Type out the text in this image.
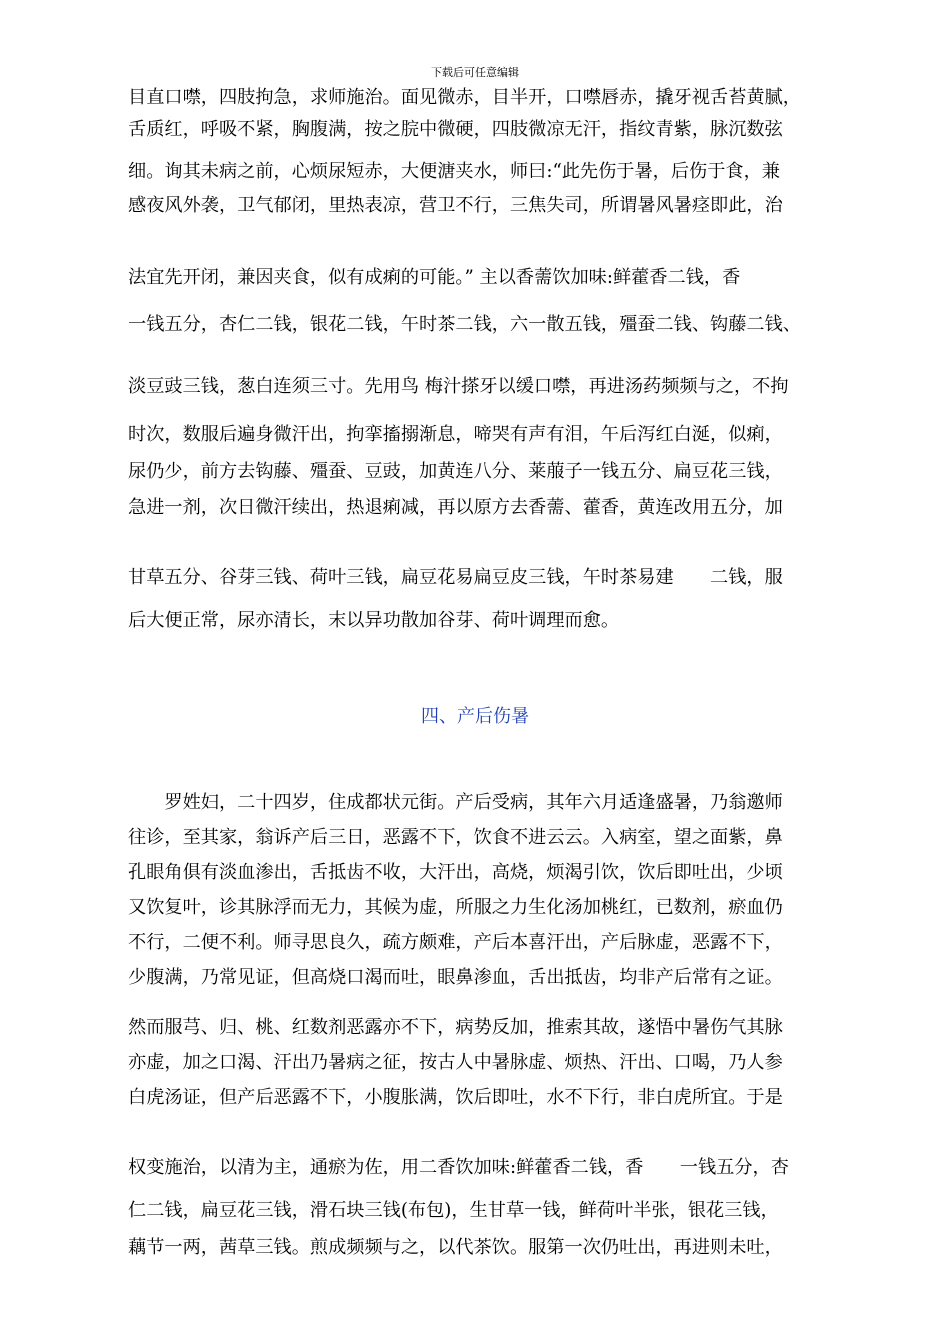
下载后可任意编辑
目直口噤，四肢拘急，求师施治。面见微赤，目半开，口噤唇赤，撬牙视舌苔黄腻，
舌质红，呼吸不紧，胸腹满，按之脘中微硬，四肢微凉无汗，指纹青紫，脉沉数弦
细。询其未病之前，心烦尿短赤，大便溏夹水，师曰:“此先伤于暑，后伤于食，兼
感夜风外袭，卫气郁闭，里热表凉，营卫不行，三焦失司，所谓暑风暑痉即此，治
法宜先开闭，兼因夹食，似有成痢的可能。” 主以香薷饮加味:鲜藿香二钱，香
一钱五分，杏仁二钱，银花二钱，午时茶二钱，六一散五钱，殭蚕二钱、钩藤二钱、
淡豆豉三钱，葱白连须三寸。先用鸟 梅汁搽牙以缓口噤，再进汤药频频与之，不拘
时次，数服后遍身微汗出，拘挛搐搦渐息，啼哭有声有泪，午后泻红白涎，似痢，
尿仍少，前方去钩藤、殭蚕、豆豉，加黄连八分、莱菔子一钱五分、扁豆花三钱，
急进一剂，次日微汗续出，热退痢减，再以原方去香薷、藿香，黄连改用五分，加
甘草五分、谷芽三钱、荷叶三钱，扁豆花易扁豆皮三钱，午时茶易建　　二钱，服
后大便正常，尿亦清长，末以异功散加谷芽、荷叶调理而愈。
四、产后伤暑
　　罗姓妇，二十四岁，住成都状元街。产后受病，其年六月适逢盛暑，乃翁邀师
往诊，至其家，翁诉产后三日，恶露不下，饮食不进云云。入病室，望之面紫，鼻
孔眼角俱有淡血渗出，舌抵齿不收，大汗出，高烧，烦渴引饮，饮后即吐出，少顷
又饮复叶，诊其脉浮而无力，其候为虚，所服之力生化汤加桃红，已数剂，瘀血仍
不行，二便不利。师寻思良久，疏方颇难，产后本喜汗出，产后脉虚，恶露不下，
少腹满，乃常见证，但高烧口渴而吐，眼鼻渗血，舌出抵齿，均非产后常有之证。
然而服芎、归、桃、红数剂恶露亦不下，病势反加，推索其故，遂悟中暑伤气其脉
亦虚，加之口渴、汗出乃暑病之征，按古人中暑脉虚、烦热、汗出、口喝，乃人参
白虎汤证，但产后恶露不下，小腹胀满，饮后即吐，水不下行，非白虎所宜。于是
权变施治，以清为主，通瘀为佐，用二香饮加味:鲜藿香二钱，香　　一钱五分，杏
仁二钱，扁豆花三钱，滑石块三钱(布包)，生甘草一钱，鲜荷叶半张，银花三钱，
藕节一两，茜草三钱。煎成频频与之，以代茶饮。服第一次仍吐出，再进则未吐，
